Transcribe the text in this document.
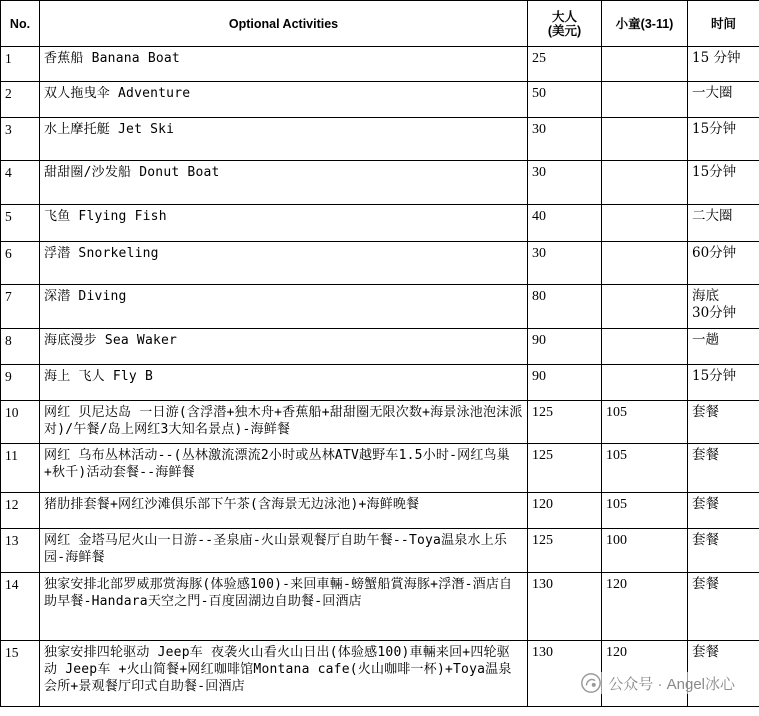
No.	Optional Activities	大人
(美元)	小童(3-11)	时间
1	香蕉船 Banana Boat	25		15 分钟
2	双人拖曳伞 Adventure	50		一大圈
3	水上摩托艇 Jet Ski	30		15分钟
4	甜甜圈/沙发船 Donut Boat	30		15分钟
5	飞鱼 Flying Fish	40		二大圈
6	浮潜 Snorkeling	30		60分钟
7	深潜 Diving	80		海底
30分钟
8	海底漫步 Sea Waker	90		一趟
9	海上 飞人 Fly B	90		15分钟
10	网红 贝尼达岛 一日游(含浮潜+独木舟+香蕉船+甜甜圈无限次数+海景泳池泡沫派对)/午餐/岛上网红3大知名景点)-海鲜餐	125	105	套餐
11	网红 乌布丛林活动--(丛林激流漂流2小时或丛林ATV越野车1.5小时-网红鸟巢+秋千)活动套餐--海鲜餐	125	105	套餐
12	猪肋排套餐+网红沙滩俱乐部下午茶(含海景无边泳池)+海鲜晚餐	120	105	套餐
13	网红 金塔马尼火山一日游--圣泉庙-火山景观餐厅自助午餐--Toya温泉水上乐园-海鲜餐	125	100	套餐
14	独家安排北部罗威那赏海豚(体验感100)-来回車輛-螃蟹船賞海豚+浮潛-酒店自助早餐-Handara天空之門-百度固湖边自助餐-回酒店	130	120	套餐
15	独家安排四轮驱动 Jeep车 夜袭火山看火山日出(体验感100)車輛来回+四轮驱动 Jeep车 +火山简餐+网红咖啡馆Montana cafe(火山咖啡一杯)+Toya温泉会所+景观餐厅印式自助餐-回酒店	130	120	套餐
公众号 · Angel冰心
